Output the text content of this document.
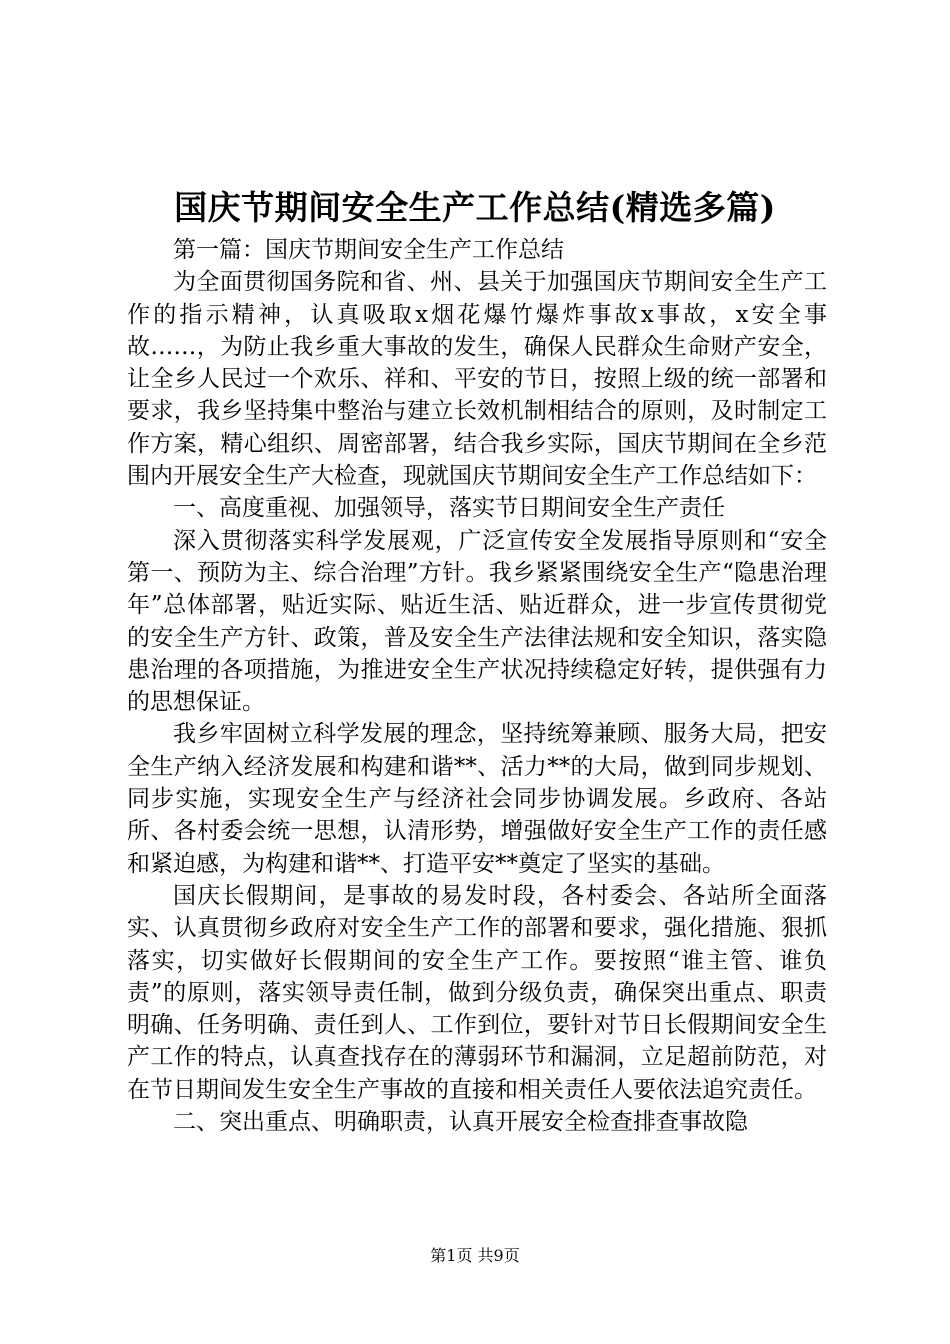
国庆节期间安全生产工作总结(精选多篇)

第一篇：国庆节期间安全生产工作总结

为全面贯彻国务院和省、州、县关于加强国庆节期间安全生产工作的指示精神，认真吸取x烟花爆竹爆炸事故x事故，x安全事故……，为防止我乡重大事故的发生，确保人民群众生命财产安全，让全乡人民过一个欢乐、祥和、平安的节日，按照上级的统一部署和要求，我乡坚持集中整治与建立长效机制相结合的原则，及时制定工作方案，精心组织、周密部署，结合我乡实际，国庆节期间在全乡范围内开展安全生产大检查，现就国庆节期间安全生产工作总结如下：

一、高度重视、加强领导，落实节日期间安全生产责任

深入贯彻落实科学发展观，广泛宣传安全发展指导原则和“安全第一、预防为主、综合治理”方针。我乡紧紧围绕安全生产“隐患治理年”总体部署，贴近实际、贴近生活、贴近群众，进一步宣传贯彻党的安全生产方针、政策，普及安全生产法律法规和安全知识，落实隐患治理的各项措施，为推进安全生产状况持续稳定好转，提供强有力的思想保证。

我乡牢固树立科学发展的理念，坚持统筹兼顾、服务大局，把安全生产纳入经济发展和构建和谐**、活力**的大局，做到同步规划、同步实施，实现安全生产与经济社会同步协调发展。乡政府、各站所、各村委会统一思想，认清形势，增强做好安全生产工作的责任感和紧迫感，为构建和谐**、打造平安**奠定了坚实的基础。

国庆长假期间，是事故的易发时段，各村委会、各站所全面落实、认真贯彻乡政府对安全生产工作的部署和要求，强化措施、狠抓落实，切实做好长假期间的安全生产工作。要按照“谁主管、谁负责”的原则，落实领导责任制，做到分级负责，确保突出重点、职责明确、任务明确、责任到人、工作到位，要针对节日长假期间安全生产工作的特点，认真查找存在的薄弱环节和漏洞，立足超前防范，对在节日期间发生安全生产事故的直接和相关责任人要依法追究责任。

二、突出重点、明确职责，认真开展安全检查排查事故隐

第1页 共9页
